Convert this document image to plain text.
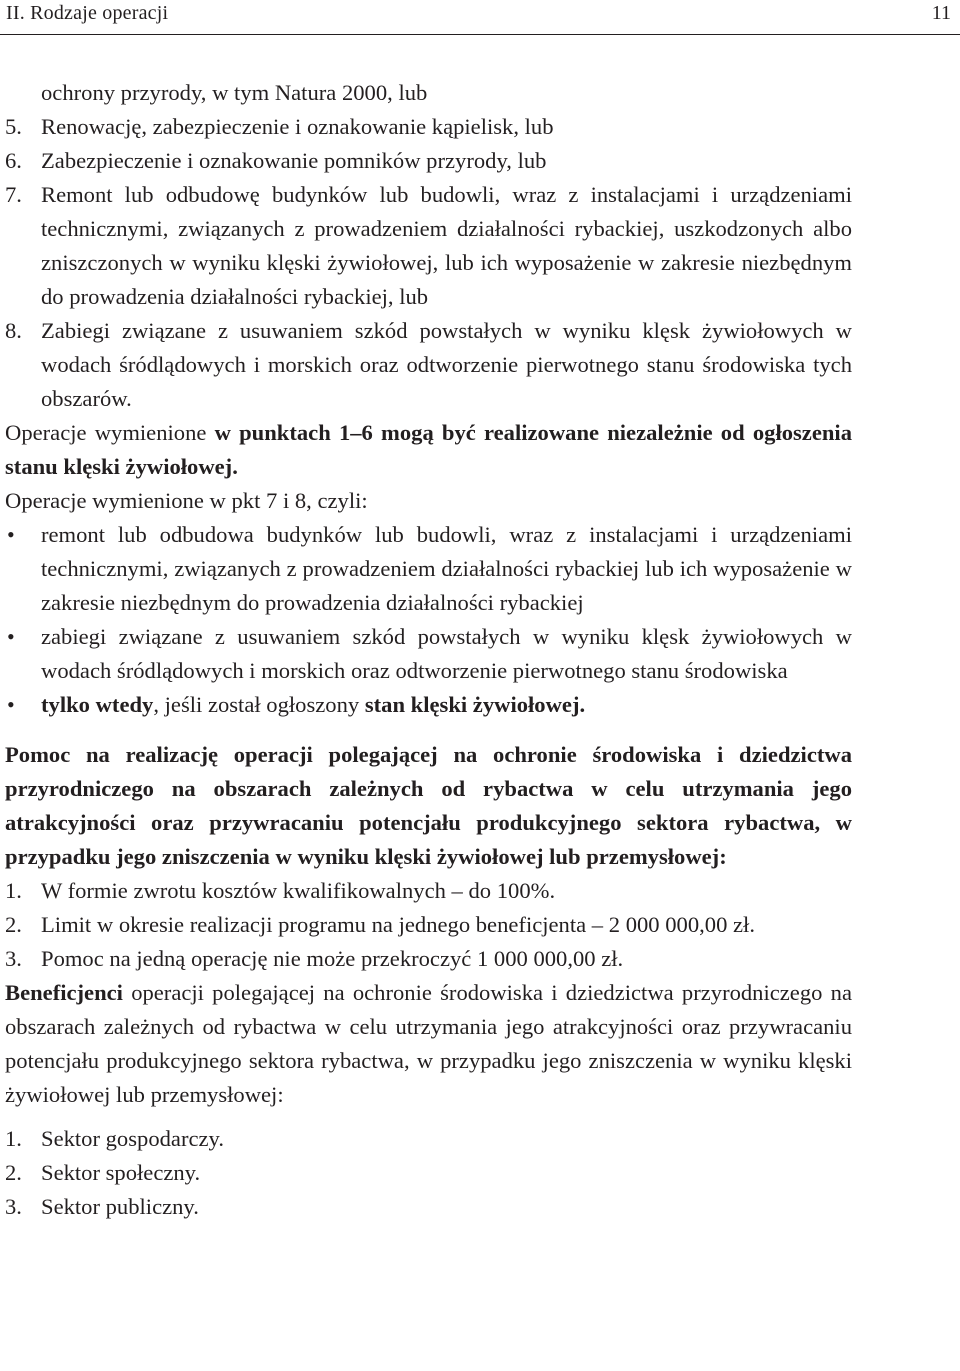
II. Rodzaje operacji	11

ochrony przyrody, w tym Natura 2000, lub

5. Renowację, zabezpieczenie i oznakowanie kąpielisk, lub

6. Zabezpieczenie i oznakowanie pomników przyrody, lub

7. Remont lub odbudowę budynków lub budowli, wraz z instalacjami i urządzeniami technicznymi, związanych z prowadzeniem działalności rybackiej, uszkodzonych albo zniszczonych w wyniku klęski żywiołowej, lub ich wyposażenie w zakresie niezbędnym do prowadzenia działalności rybackiej, lub

8. Zabiegi związane z usuwaniem szkód powstałych w wyniku klęsk żywiołowych w wodach śródlądowych i morskich oraz odtworzenie pierwotnego stanu środowiska tych obszarów.

Operacje wymienione w punktach 1–6 mogą być realizowane niezależnie od ogłoszenia stanu klęski żywiołowej.

Operacje wymienione w pkt 7 i 8, czyli:

• remont lub odbudowa budynków lub budowli, wraz z instalacjami i urządzeniami technicznymi, związanych z prowadzeniem działalności rybackiej lub ich wyposażenie w zakresie niezbędnym do prowadzenia działalności rybackiej

• zabiegi związane z usuwaniem szkód powstałych w wyniku klęsk żywiołowych w wodach śródlądowych i morskich oraz odtworzenie pierwotnego stanu środowiska

• tylko wtedy, jeśli został ogłoszony stan klęski żywiołowej.

Pomoc na realizację operacji polegającej na ochronie środowiska i dziedzictwa przyrodniczego na obszarach zależnych od rybactwa w celu utrzymania jego atrakcyjności oraz przywracaniu potencjału produkcyjnego sektora rybactwa, w przypadku jego zniszczenia w wyniku klęski żywiołowej lub przemysłowej:

1. W formie zwrotu kosztów kwalifikowalnych – do 100%.

2. Limit w okresie realizacji programu na jednego beneficjenta – 2 000 000,00 zł.

3. Pomoc na jedną operację nie może przekroczyć 1 000 000,00 zł.

Beneficjenci operacji polegającej na ochronie środowiska i dziedzictwa przyrodniczego na obszarach zależnych od rybactwa w celu utrzymania jego atrakcyjności oraz przywracaniu potencjału produkcyjnego sektora rybactwa, w przypadku jego zniszczenia w wyniku klęski żywiołowej lub przemysłowej:

1. Sektor gospodarczy.

2. Sektor społeczny.

3. Sektor publiczny.
